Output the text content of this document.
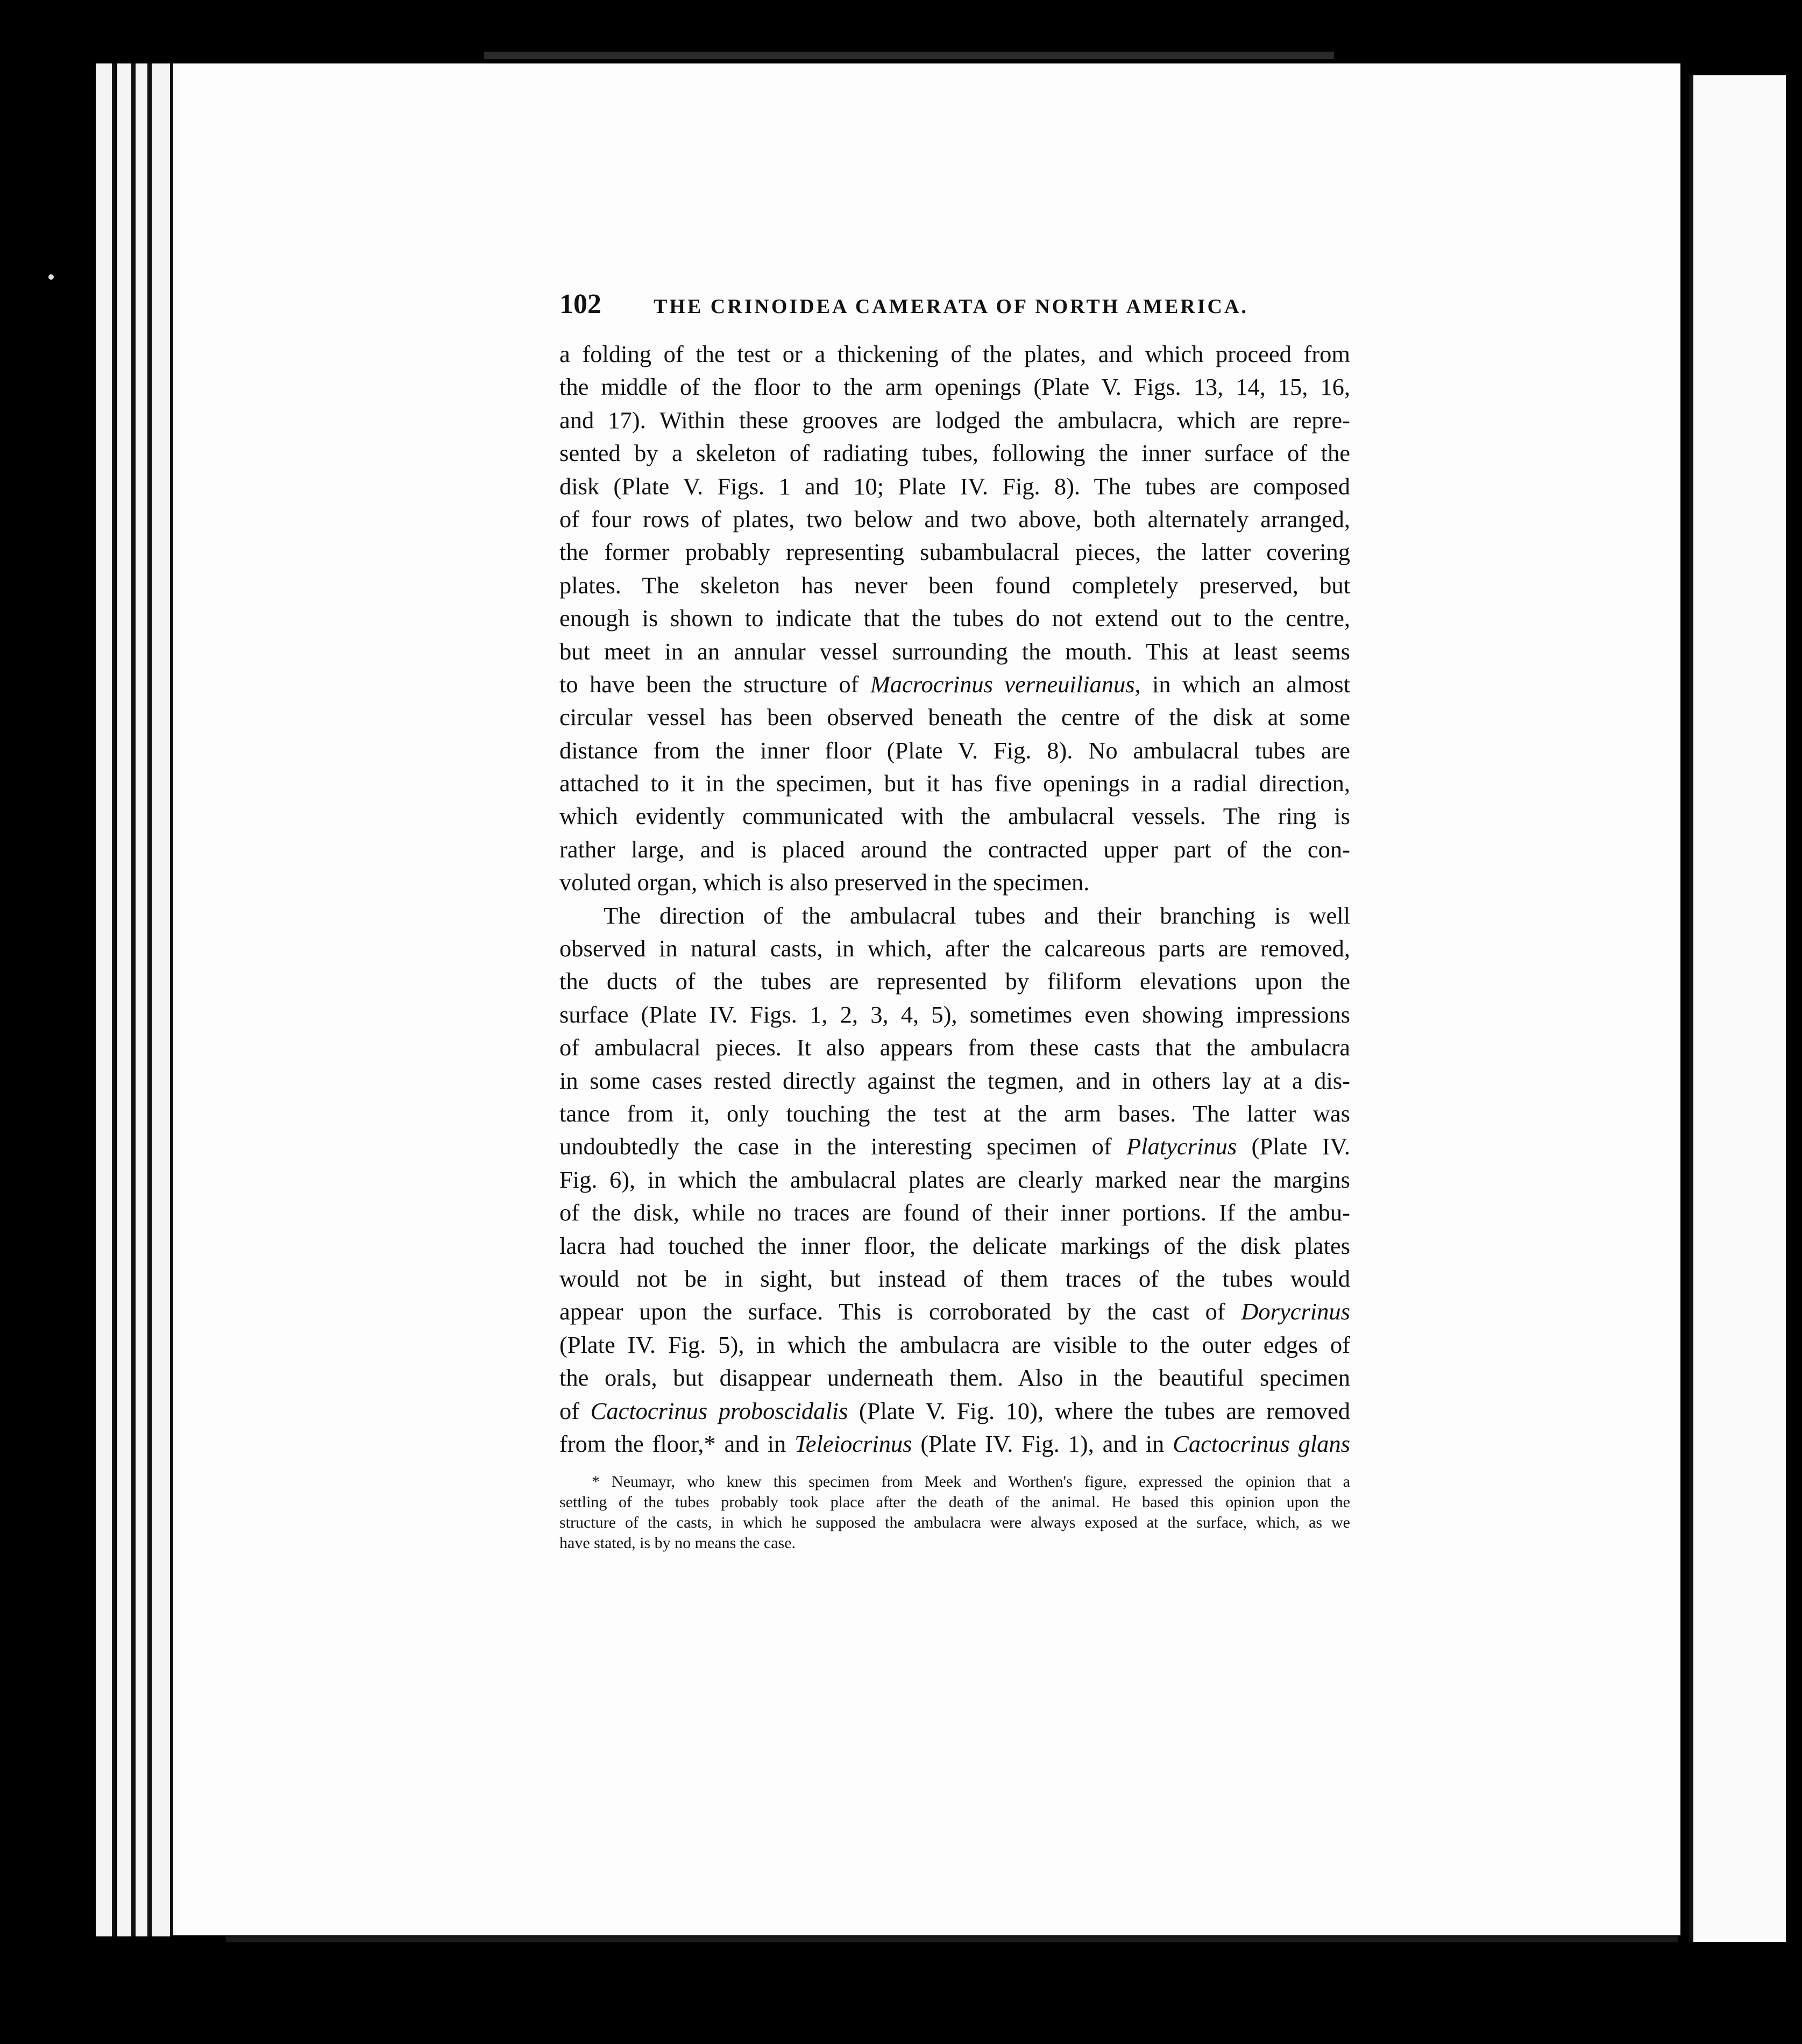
102	THE CRINOIDEA CAMERATA OF NORTH AMERICA.
a folding of the test or a thickening of the plates, and which proceed from
the middle of the floor to the arm openings (Plate V. Figs. 13, 14, 15, 16,
and 17). Within these grooves are lodged the ambulacra, which are repre-
sented by a skeleton of radiating tubes, following the inner surface of the
disk (Plate V. Figs. 1 and 10; Plate IV. Fig. 8). The tubes are composed
of four rows of plates, two below and two above, both alternately arranged,
the former probably representing subambulacral pieces, the latter covering
plates. The skeleton has never been found completely preserved, but
enough is shown to indicate that the tubes do not extend out to the centre,
but meet in an annular vessel surrounding the mouth. This at least seems
to have been the structure of Macrocrinus verneuilianus, in which an almost
circular vessel has been observed beneath the centre of the disk at some
distance from the inner floor (Plate V. Fig. 8). No ambulacral tubes are
attached to it in the specimen, but it has five openings in a radial direction,
which evidently communicated with the ambulacral vessels. The ring is
rather large, and is placed around the contracted upper part of the con-
voluted organ, which is also preserved in the specimen.
The direction of the ambulacral tubes and their branching is well
observed in natural casts, in which, after the calcareous parts are removed,
the ducts of the tubes are represented by filiform elevations upon the
surface (Plate IV. Figs. 1, 2, 3, 4, 5), sometimes even showing impressions
of ambulacral pieces. It also appears from these casts that the ambulacra
in some cases rested directly against the tegmen, and in others lay at a dis-
tance from it, only touching the test at the arm bases. The latter was
undoubtedly the case in the interesting specimen of Platycrinus (Plate IV.
Fig. 6), in which the ambulacral plates are clearly marked near the margins
of the disk, while no traces are found of their inner portions. If the ambu-
lacra had touched the inner floor, the delicate markings of the disk plates
would not be in sight, but instead of them traces of the tubes would
appear upon the surface. This is corroborated by the cast of Dorycrinus
(Plate IV. Fig. 5), in which the ambulacra are visible to the outer edges of
the orals, but disappear underneath them. Also in the beautiful specimen
of Cactocrinus proboscidalis (Plate V. Fig. 10), where the tubes are removed
from the floor,* and in Teleiocrinus (Plate IV. Fig. 1), and in Cactocrinus glans
* Neumayr, who knew this specimen from Meek and Worthen's figure, expressed the opinion that a
settling of the tubes probably took place after the death of the animal. He based this opinion upon the
structure of the casts, in which he supposed the ambulacra were always exposed at the surface, which, as we
have stated, is by no means the case.
